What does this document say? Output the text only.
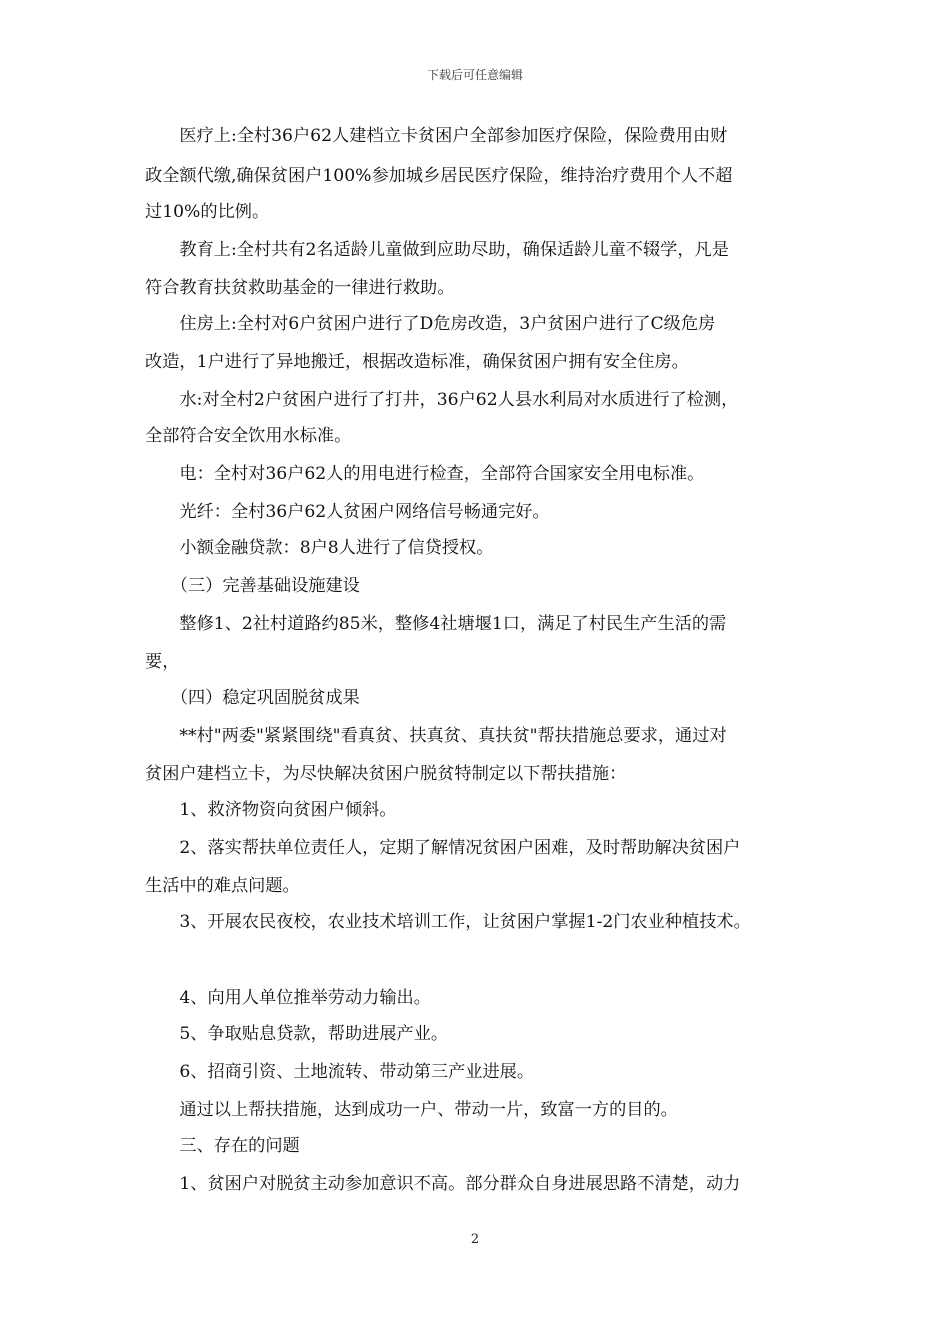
下载后可任意编辑
　　医疗上:全村36户62人建档立卡贫困户全部参加医疗保险，保险费用由财
政全额代缴,确保贫困户100%参加城乡居民医疗保险，维持治疗费用个人不超
过10%的比例。
　　教育上:全村共有2名适龄儿童做到应助尽助，确保适龄儿童不辍学，凡是
符合教育扶贫救助基金的一律进行救助。
　　住房上:全村对6户贫困户进行了D危房改造，3户贫困户进行了C级危房
改造，1户进行了异地搬迁，根据改造标准，确保贫困户拥有安全住房。
　　水:对全村2户贫困户进行了打井，36户62人县水利局对水质进行了检测，
全部符合安全饮用水标准。
　　电：全村对36户62人的用电进行检查，全部符合国家安全用电标准。
　　光纤：全村36户62人贫困户网络信号畅通完好。
　　小额金融贷款：8户8人进行了信贷授权。
　　（三）完善基础设施建设
　　整修1、2社村道路约85米，整修4社塘堰1口，满足了村民生产生活的需
要，
　　（四）稳定巩固脱贫成果
　　**村"两委"紧紧围绕"看真贫、扶真贫、真扶贫"帮扶措施总要求，通过对
贫困户建档立卡，为尽快解决贫困户脱贫特制定以下帮扶措施：
　　1、救济物资向贫困户倾斜。
　　2、落实帮扶单位责任人，定期了解情况贫困户困难，及时帮助解决贫困户
生活中的难点问题。
　　3、开展农民夜校，农业技术培训工作，让贫困户掌握1-2门农业种植技术。
　　4、向用人单位推举劳动力输出。
　　5、争取贴息贷款，帮助进展产业。
　　6、招商引资、土地流转、带动第三产业进展。
　　通过以上帮扶措施，达到成功一户、带动一片，致富一方的目的。
　　三、存在的问题
　　1、贫困户对脱贫主动参加意识不高。部分群众自身进展思路不清楚，动力
2
